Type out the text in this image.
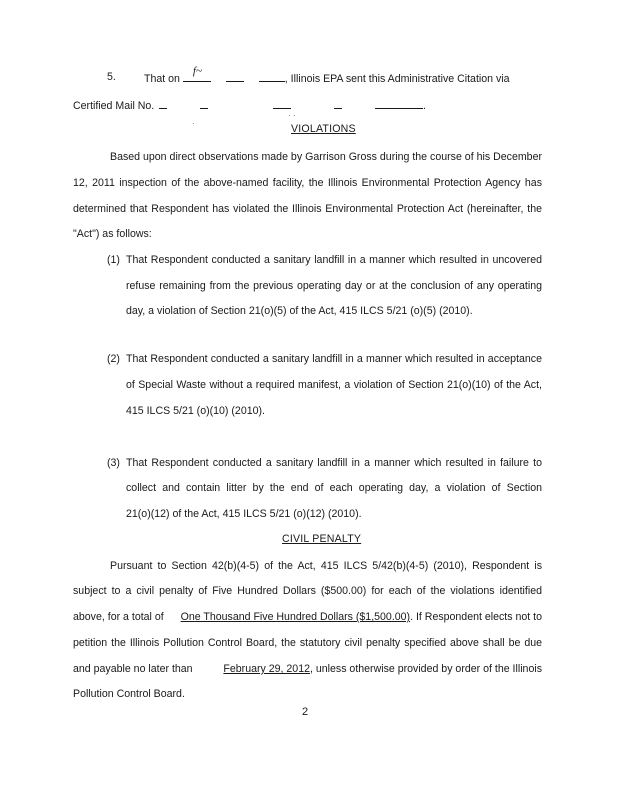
5.	That on
f~
, Illinois EPA sent this Administrative Citation via
Certified Mail No.	.
· ·
·	VIOLATIONS
Based upon direct observations made by Garrison Gross during the course of his December
12, 2011 inspection of the above-named facility, the Illinois Environmental Protection Agency has
determined that Respondent has violated the Illinois Environmental Protection Act (hereinafter, the
"Act") as follows:
(1) That Respondent conducted a sanitary landfill in a manner which resulted in uncovered
refuse remaining from the previous operating day or at the conclusion of any operating
day, a violation of Section 21(o)(5) of the Act, 415 ILCS 5/21 (o)(5) (2010).
(2) That Respondent conducted a sanitary landfill in a manner which resulted in acceptance
of Special Waste without a required manifest, a violation of Section 21(o)(10) of the Act,
415 ILCS 5/21 (o)(10) (2010).
(3) That Respondent conducted a sanitary landfill in a manner which resulted in failure to
collect and contain litter by the end of each operating day, a violation of Section
21(o)(12) of the Act, 415 ILCS 5/21 (o)(12) (2010).
CIVIL PENALTY
Pursuant to Section 42(b)(4-5) of the Act, 415 ILCS 5/42(b)(4-5) (2010), Respondent is
subject to a civil penalty of Five Hundred Dollars ($500.00) for each of the violations identified
above, for a total of One Thousand Five Hundred Dollars ($1,500.00). If Respondent elects not to
petition the Illinois Pollution Control Board, the statutory civil penalty specified above shall be due
and payable no later than	February 29, 2012, unless otherwise provided by order of the Illinois
Pollution Control Board.
2
